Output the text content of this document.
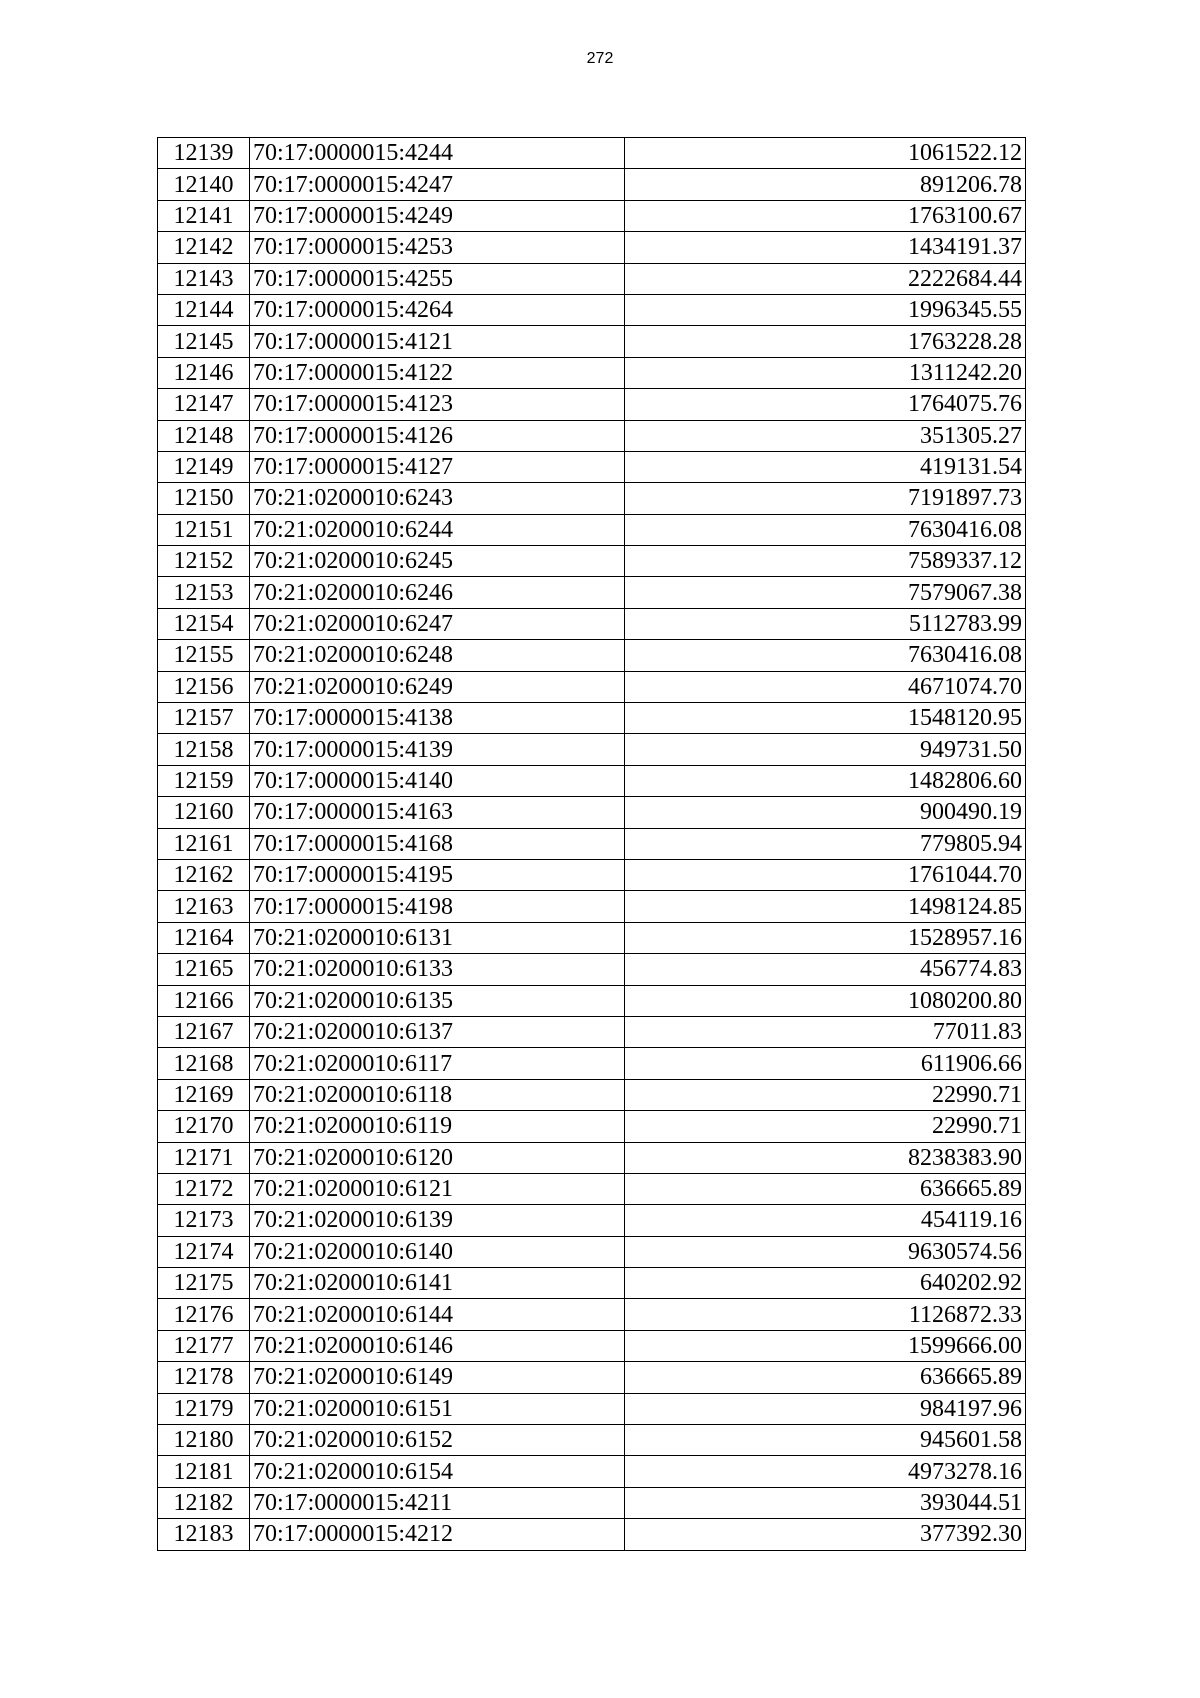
272
12139	70:17:0000015:4244	1061522.12
12140	70:17:0000015:4247	891206.78
12141	70:17:0000015:4249	1763100.67
12142	70:17:0000015:4253	1434191.37
12143	70:17:0000015:4255	2222684.44
12144	70:17:0000015:4264	1996345.55
12145	70:17:0000015:4121	1763228.28
12146	70:17:0000015:4122	1311242.20
12147	70:17:0000015:4123	1764075.76
12148	70:17:0000015:4126	351305.27
12149	70:17:0000015:4127	419131.54
12150	70:21:0200010:6243	7191897.73
12151	70:21:0200010:6244	7630416.08
12152	70:21:0200010:6245	7589337.12
12153	70:21:0200010:6246	7579067.38
12154	70:21:0200010:6247	5112783.99
12155	70:21:0200010:6248	7630416.08
12156	70:21:0200010:6249	4671074.70
12157	70:17:0000015:4138	1548120.95
12158	70:17:0000015:4139	949731.50
12159	70:17:0000015:4140	1482806.60
12160	70:17:0000015:4163	900490.19
12161	70:17:0000015:4168	779805.94
12162	70:17:0000015:4195	1761044.70
12163	70:17:0000015:4198	1498124.85
12164	70:21:0200010:6131	1528957.16
12165	70:21:0200010:6133	456774.83
12166	70:21:0200010:6135	1080200.80
12167	70:21:0200010:6137	77011.83
12168	70:21:0200010:6117	611906.66
12169	70:21:0200010:6118	22990.71
12170	70:21:0200010:6119	22990.71
12171	70:21:0200010:6120	8238383.90
12172	70:21:0200010:6121	636665.89
12173	70:21:0200010:6139	454119.16
12174	70:21:0200010:6140	9630574.56
12175	70:21:0200010:6141	640202.92
12176	70:21:0200010:6144	1126872.33
12177	70:21:0200010:6146	1599666.00
12178	70:21:0200010:6149	636665.89
12179	70:21:0200010:6151	984197.96
12180	70:21:0200010:6152	945601.58
12181	70:21:0200010:6154	4973278.16
12182	70:17:0000015:4211	393044.51
12183	70:17:0000015:4212	377392.30
